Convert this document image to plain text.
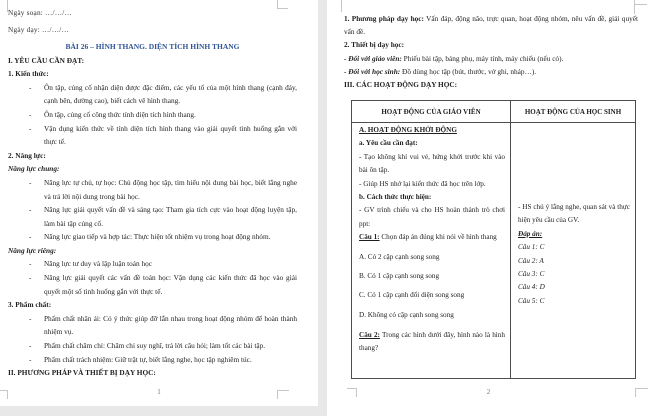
Ngày soạn: …/…/…

Ngày dạy: …/…/…

BÀI 26 – HÌNH THANG. DIỆN TÍCH HÌNH THANG

I. YÊU CẦU CẦN ĐẠT:

1. Kiến thức:

- Ôn tập, củng cố nhận diện được đặc điểm, các yếu tố của một hình thang (cạnh đáy, cạnh bên, đường cao), biết cách vẽ hình thang.

- Ôn tập, củng cố công thức tính diện tích hình thang.

- Vận dụng kiến thức về tính diện tích hình thang vào giải quyết tình huống gắn với thực tế.

2. Năng lực:

Năng lực chung:

- Năng lực tự chủ, tự học: Chủ động học tập, tìm hiểu nội dung bài học, biết lắng nghe và trả lời nội dung trong bài học.

- Năng lực giải quyết vấn đề và sáng tạo: Tham gia tích cực vào hoạt động luyện tập, làm bài tập củng cố.

- Năng lực giao tiếp và hợp tác: Thực hiện tốt nhiệm vụ trong hoạt động nhóm.

Năng lực riêng:

- Năng lực tư duy và lập luận toán học

- Năng lực giải quyết các vấn đề toán học: Vận dụng các kiến thức đã học vào giải quyết một số tình huống gắn với thực tế.

3. Phẩm chất:

- Phẩm chất nhân ái: Có ý thức giúp đỡ lẫn nhau trong hoạt động nhóm để hoàn thành nhiệm vụ.

- Phẩm chất chăm chỉ: Chăm chỉ suy nghĩ, trả lời câu hỏi; làm tốt các bài tập.

- Phẩm chất trách nhiệm: Giữ trật tự, biết lắng nghe, học tập nghiêm túc.

II. PHƯƠNG PHÁP VÀ THIẾT BỊ DẠY HỌC:

1

1. Phương pháp dạy học: Vấn đáp, động não, trực quan, hoạt động nhóm, nêu vấn đề, giải quyết vấn đề.

2. Thiết bị dạy học:

- Đối với giáo viên: Phiếu bài tập, bảng phụ, máy tính, máy chiếu (nếu có).

- Đối với học sinh: Đồ dùng học tập (bút, thước, vở ghi, nháp…).

III. CÁC HOẠT ĐỘNG DẠY HỌC:

HOẠT ĐỘNG CỦA GIÁO VIÊN	HOẠT ĐỘNG CỦA HỌC SINH

A. HOẠT ĐỘNG KHỞI ĐỘNG

a. Yêu cầu cần đạt:

- Tạo không khí vui vẻ, hứng khởi trước khi vào bài ôn tập.

- Giúp HS nhớ lại kiến thức đã học trên lớp.

b. Cách thức thực hiện:

- GV trình chiếu và cho HS hoàn thành trò chơi ppt:

Câu 1: Chọn đáp án đúng khi nói về hình thang

A. Có 2 cặp cạnh song song

B. Có 1 cặp cạnh song song

C. Có 1 cặp cạnh đối diện song song

D. Không có cặp cạnh song song

Câu 2: Trong các hình dưới đây, hình nào là hình thang?

- HS chú ý lắng nghe, quan sát và thực hiện yêu cầu của GV.

Đáp án:

Câu 1: C

Câu 2: A

Câu 3: C

Câu 4: D

Câu 5: C

2
